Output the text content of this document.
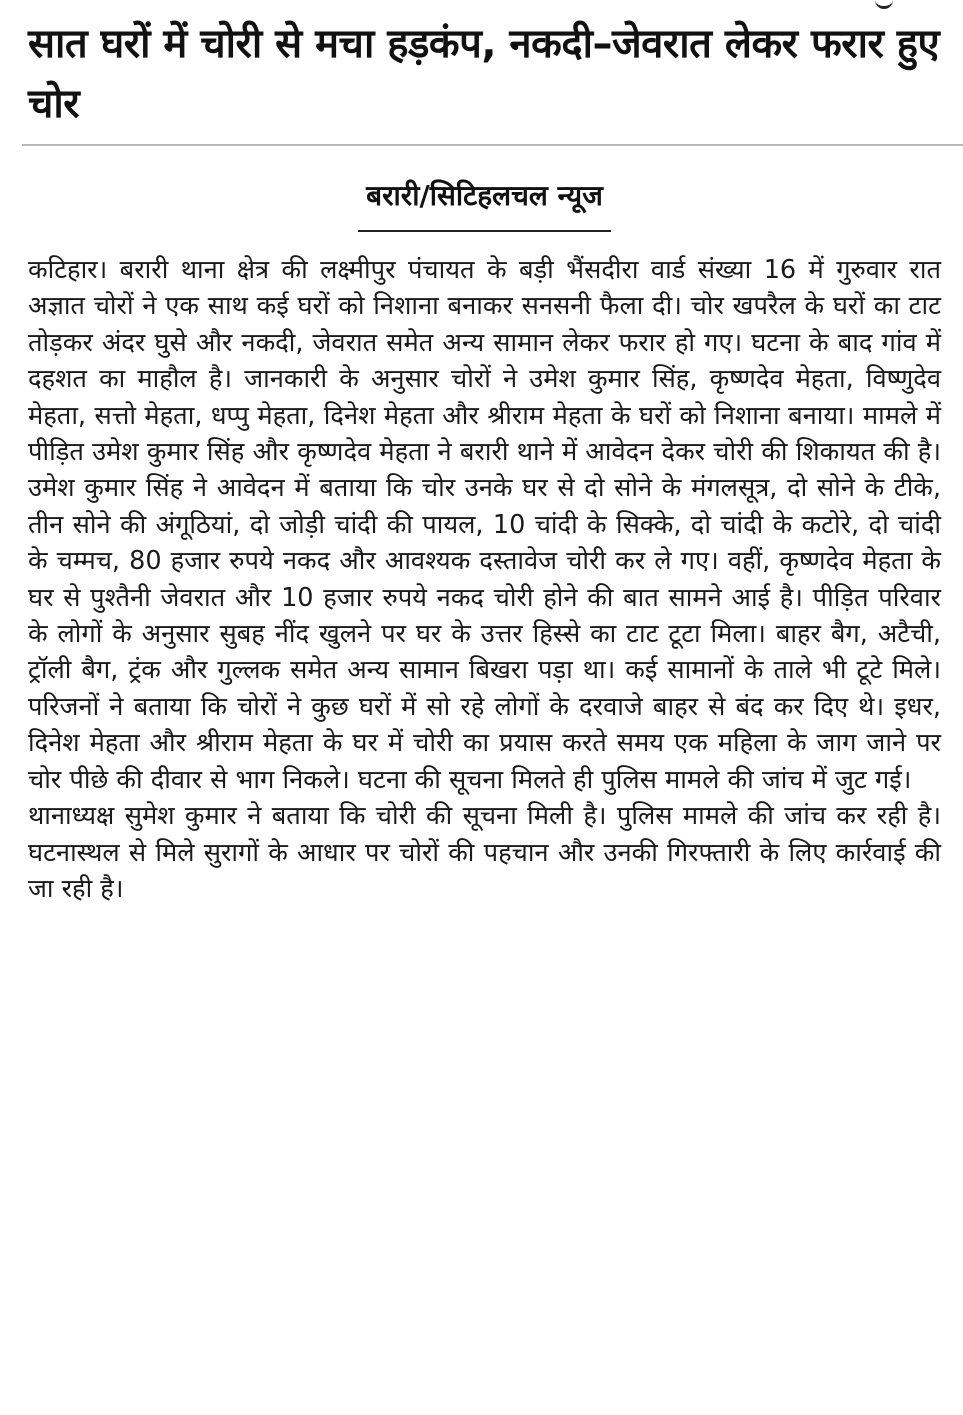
सात घरों में चोरी से मचा हड़कंप, नकदी–जेवरात लेकर फरार हुए चोर
बरारी/सिटिहलचल न्यूज

कटिहार। बरारी थाना क्षेत्र की लक्ष्मीपुर पंचायत के बड़ी भैंसदीरा वार्ड संख्या 16 में गुरुवार रात अज्ञात चोरों ने एक साथ कई घरों को निशाना बनाकर सनसनी फैला दी। चोर खपरैल के घरों का टाट तोड़कर अंदर घुसे और नकदी, जेवरात समेत अन्य सामान लेकर फरार हो गए। घटना के बाद गांव में दहशत का माहौल है। जानकारी के अनुसार चोरों ने उमेश कुमार सिंह, कृष्णदेव मेहता, विष्णुदेव मेहता, सत्तो मेहता, धप्पु मेहता, दिनेश मेहता और श्रीराम मेहता के घरों को निशाना बनाया। मामले में पीड़ित उमेश कुमार सिंह और कृष्णदेव मेहता ने बरारी थाने में आवेदन देकर चोरी की शिकायत की है। उमेश कुमार सिंह ने आवेदन में बताया कि चोर उनके घर से दो सोने के मंगलसूत्र, दो सोने के टीके, तीन सोने की अंगूठियां, दो जोड़ी चांदी की पायल, 10 चांदी के सिक्के, दो चांदी के कटोरे, दो चांदी के चम्मच, 80 हजार रुपये नकद और आवश्यक दस्तावेज चोरी कर ले गए। वहीं, कृष्णदेव मेहता के घर से पुश्तैनी जेवरात और 10 हजार रुपये नकद चोरी होने की बात सामने आई है। पीड़ित परिवार के लोगों के अनुसार सुबह नींद खुलने पर घर के उत्तर हिस्से का टाट टूटा मिला। बाहर बैग, अटैची, ट्रॉली बैग, ट्रंक और गुल्लक समेत अन्य सामान बिखरा पड़ा था। कई सामानों के ताले भी टूटे मिले। परिजनों ने बताया कि चोरों ने कुछ घरों में सो रहे लोगों के दरवाजे बाहर से बंद कर दिए थे। इधर, दिनेश मेहता और श्रीराम मेहता के घर में चोरी का प्रयास करते समय एक महिला के जाग जाने पर चोर पीछे की दीवार से भाग निकले। घटना की सूचना मिलते ही पुलिस मामले की जांच में जुट गई।

थानाध्यक्ष सुमेश कुमार ने बताया कि चोरी की सूचना मिली है। पुलिस मामले की जांच कर रही है। घटनास्थल से मिले सुरागों के आधार पर चोरों की पहचान और उनकी गिरफ्तारी के लिए कार्रवाई की जा रही है।
